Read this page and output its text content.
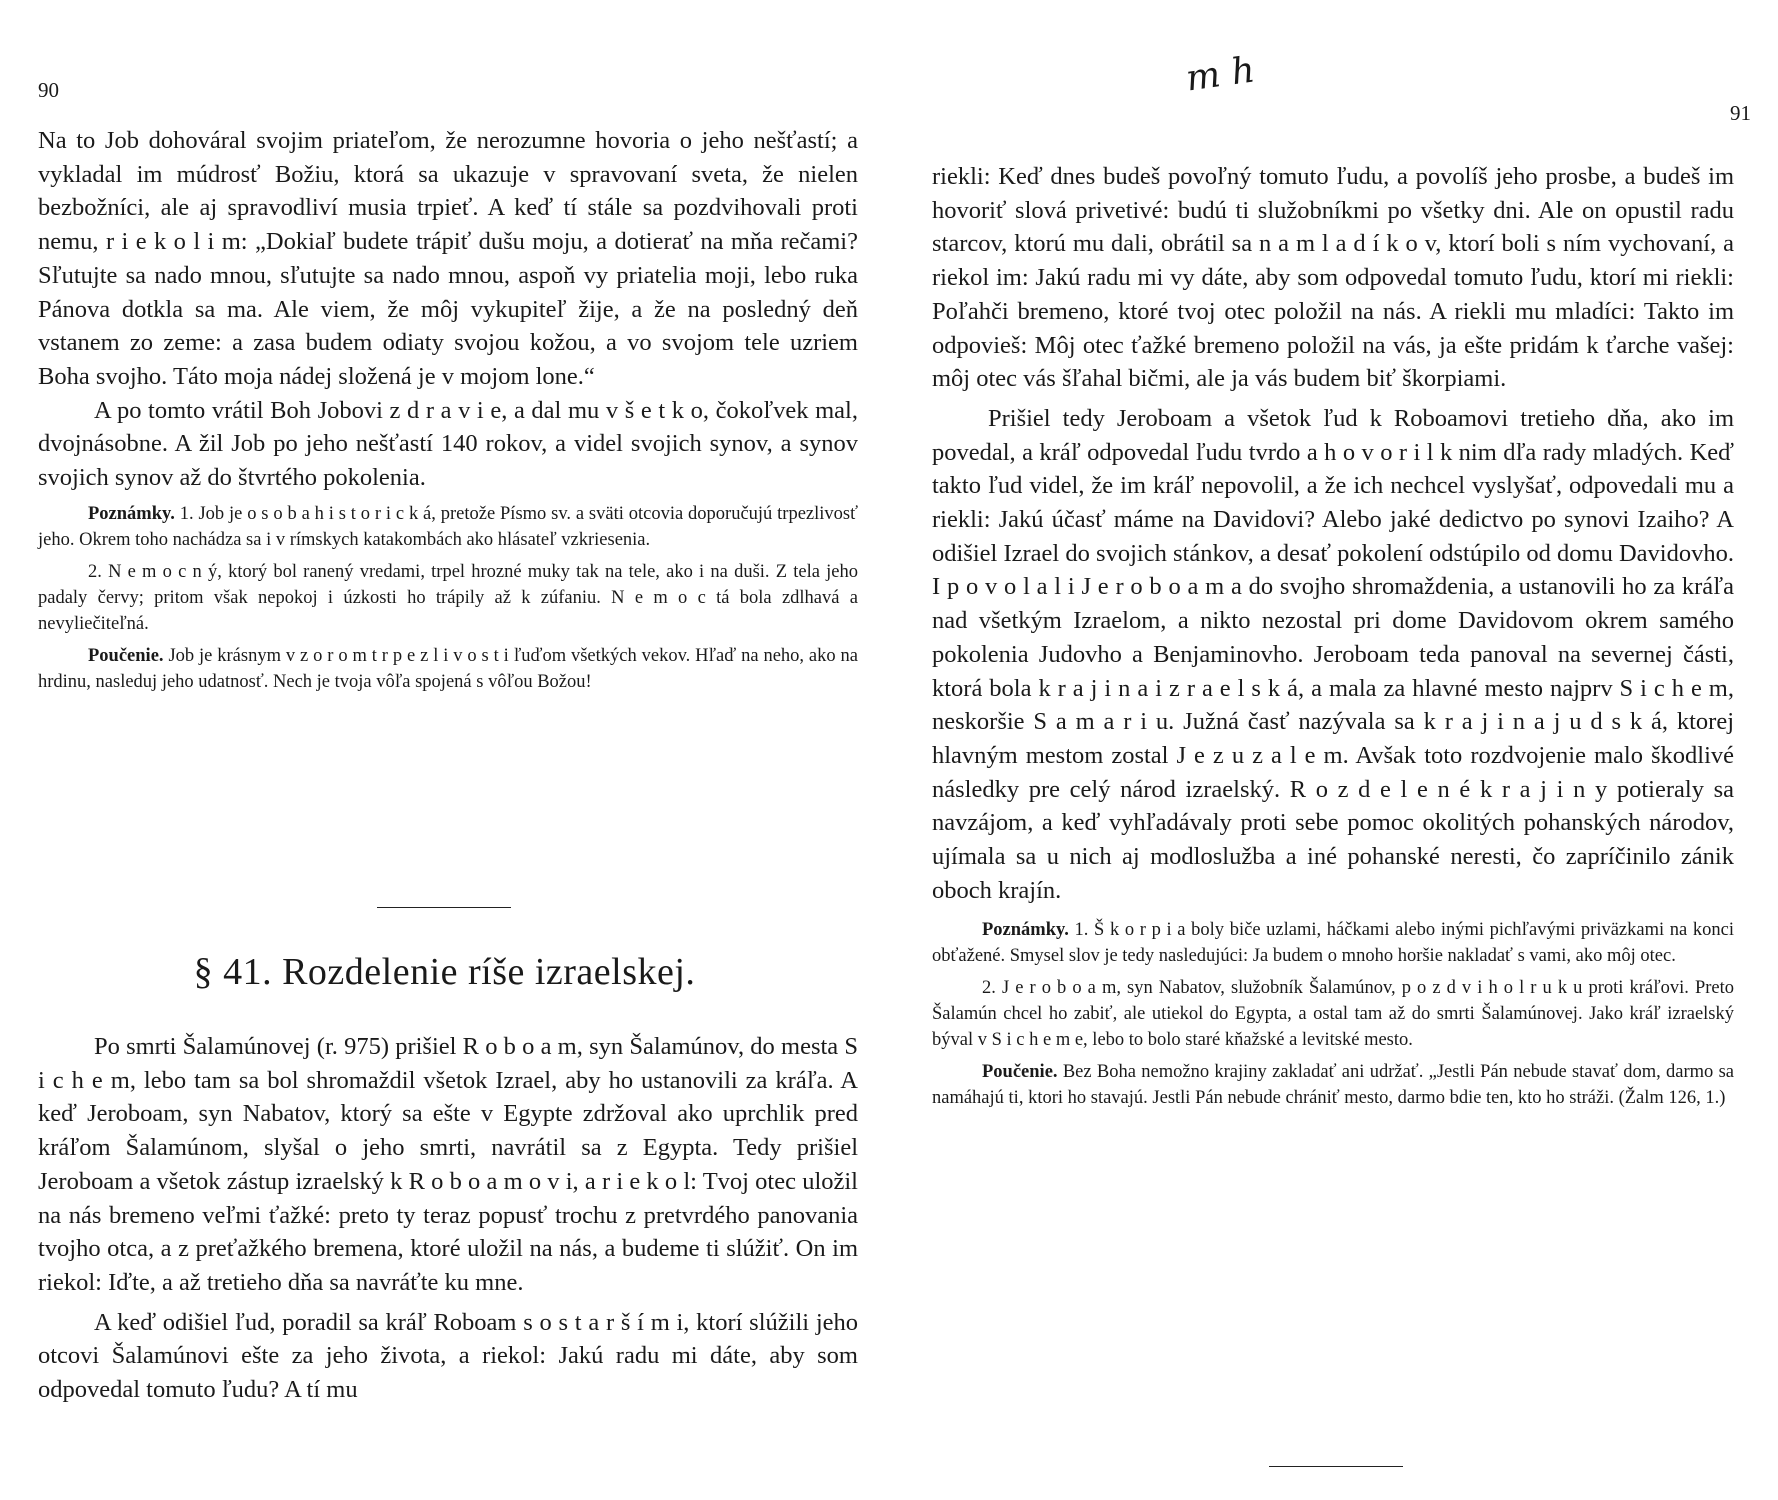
90

Na to Job dohováral svojim priateľom, že nerozumne hovoria o jeho nešťastí; a vykladal im múdrosť Božiu, ktorá sa ukazuje v spravovaní sveta, že nielen bezbožníci, ale aj spravodliví musia trpieť. A keď tí stále sa pozdvihovali proti nemu, r i e k o l i m: „Dokiaľ budete trápiť dušu moju, a dotierať na mňa rečami? Sľutujte sa nado mnou, sľutujte sa nado mnou, aspoň vy priatelia moji, lebo ruka Pánova dotkla sa ma. Ale viem, že môj vykupiteľ žije, a že na posledný deň vstanem zo zeme: a zasa budem odiaty svojou kožou, a vo svojom tele uzriem Boha svojho. Táto moja nádej složená je v mojom lone.“

A po tomto vrátil Boh Jobovi z d r a v i e, a dal mu v š e t k o, čokoľvek mal, dvojnásobne. A žil Job po jeho nešťastí 140 rokov, a videl svojich synov, a synov svojich synov až do štvrtého pokolenia.

Poznámky. 1. Job je o s o b a h i s t o r i c k á, pretože Písmo sv. a sväti otcovia doporučujú trpezlivosť jeho. Okrem toho nachádza sa i v rímskych katakombách ako hlásateľ vzkriesenia.

2. N e m o c n ý, ktorý bol ranený vredami, trpel hrozné muky tak na tele, ako i na duši. Z tela jeho padaly červy; pritom však nepokoj i úzkosti ho trápily až k zúfaniu. N e m o c tá bola zdlhavá a nevyliečiteľná.

Poučenie. Job je krásnym v z o r o m t r p e z l i v o s t i ľuďom všetkých vekov. Hľaď na neho, ako na hrdinu, nasleduj jeho udatnosť. Nech je tvoja vôľa spojená s vôľou Božou!

§ 41. Rozdelenie ríše izraelskej.

Po smrti Šalamúnovej (r. 975) prišiel R o b o a m, syn Šalamúnov, do mesta S i c h e m, lebo tam sa bol shromaždil všetok Izrael, aby ho ustanovili za kráľa. A keď Jeroboam, syn Nabatov, ktorý sa ešte v Egypte zdržoval ako uprchlik pred kráľom Šalamúnom, slyšal o jeho smrti, navrátil sa z Egypta. Tedy prišiel Jeroboam a všetok zástup izraelský k R o b o a m o v i, a r i e k o l: Tvoj otec uložil na nás bremeno veľmi ťažké: preto ty teraz popusť trochu z pretvrdého panovania tvojho otca, a z preťažkého bremena, ktoré uložil na nás, a budeme ti slúžiť. On im riekol: Iďte, a až tretieho dňa sa navráťte ku mne.

A keď odišiel ľud, poradil sa kráľ Roboam s o s t a r š í m i, ktorí slúžili jeho otcovi Šalamúnovi ešte za jeho života, a riekol: Jakú radu mi dáte, aby som odpovedal tomuto ľudu? A tí mu

91

riekli: Keď dnes budeš povoľný tomuto ľudu, a povolíš jeho prosbe, a budeš im hovoriť slová privetivé: budú ti služobníkmi po všetky dni. Ale on opustil radu starcov, ktorú mu dali, obrátil sa n a m l a d í k o v, ktorí boli s ním vychovaní, a riekol im: Jakú radu mi vy dáte, aby som odpovedal tomuto ľudu, ktorí mi riekli: Poľahči bremeno, ktoré tvoj otec položil na nás. A riekli mu mladíci: Takto im odpovieš: Môj otec ťažké bremeno položil na vás, ja ešte pridám k ťarche vašej: môj otec vás šľahal bičmi, ale ja vás budem biť škorpiami.

Prišiel tedy Jeroboam a všetok ľud k Roboamovi tretieho dňa, ako im povedal, a kráľ odpovedal ľudu tvrdo a h o v o r i l k nim dľa rady mladých. Keď takto ľud videl, že im kráľ nepovolil, a že ich nechcel vyslyšať, odpovedali mu a riekli: Jakú účasť máme na Davidovi? Alebo jaké dedictvo po synovi Izaiho? A odišiel Izrael do svojich stánkov, a desať pokolení odstúpilo od domu Davidovho. I p o v o l a l i J e r o b o a m a do svojho shromaždenia, a ustanovili ho za kráľa nad všetkým Izraelom, a nikto nezostal pri dome Davidovom okrem samého pokolenia Judovho a Benjaminovho. Jeroboam teda panoval na severnej části, ktorá bola k r a j i n a i z r a e l s k á, a mala za hlavné mesto najprv S i c h e m, neskoršie S a m a r i u. Južná časť nazývala sa k r a j i n a j u d s k á, ktorej hlavným mestom zostal J e z u z a l e m. Avšak toto rozdvojenie malo škodlivé následky pre celý národ izraelský. R o z d e l e n é k r a j i n y potieraly sa navzájom, a keď vyhľadávaly proti sebe pomoc okolitých pohanských národov, ujímala sa u nich aj modloslužba a iné pohanské neresti, čo zapríčinilo zánik oboch krajín.

Poznámky. 1. Š k o r p i a boly biče uzlami, háčkami alebo inými pichľavými priväzkami na konci obťažené. Smysel slov je tedy nasledujúci: Ja budem o mnoho horšie nakladať s vami, ako môj otec.

2. J e r o b o a m, syn Nabatov, služobník Šalamúnov, p o z d v i h o l r u k u proti kráľovi. Preto Šalamún chcel ho zabiť, ale utiekol do Egypta, a ostal tam až do smrti Šalamúnovej. Jako kráľ izraelský býval v S i c h e m e, lebo to bolo staré kňažské a levitské mesto.

Poučenie. Bez Boha nemožno krajiny zakladať ani udržať. „Jestli Pán nebude stavať dom, darmo sa namáhajú ti, ktori ho stavajú. Jestli Pán nebude chrániť mesto, darmo bdie ten, kto ho stráži. (Žalm 126, 1.)

m h
